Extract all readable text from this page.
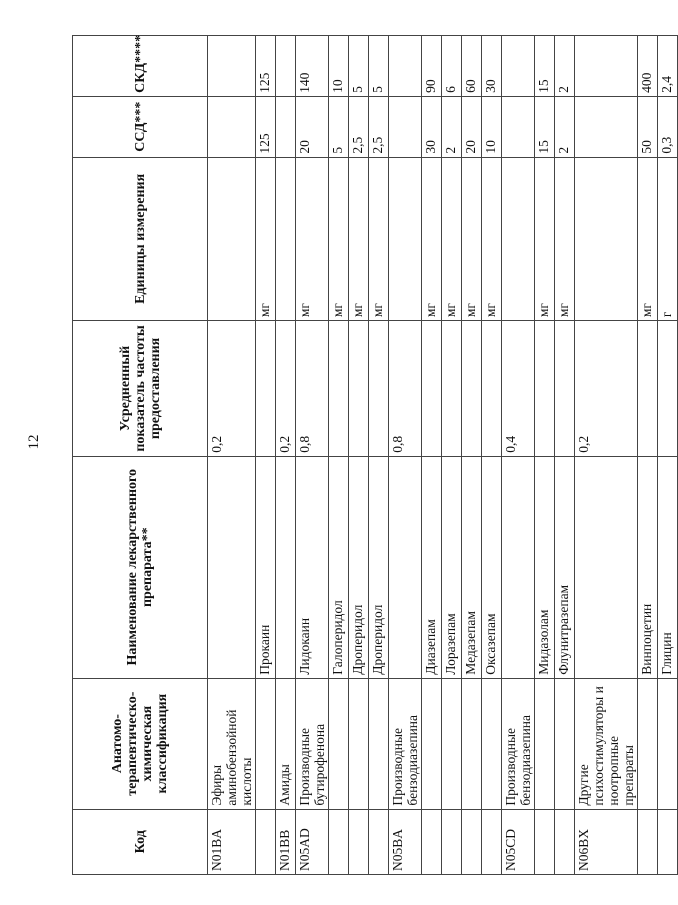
12
Код	Анатомо-терапевтическо-химическая классификация	Наименование лекарственного препарата**	Усредненный показатель частоты предоставления	Единицы измерения	ССД***	СКД****
N01BA	Эфиры аминобензойной кислоты		0,2			
		Прокаин		мг	125	125
N01BB	Амиды		0,2			
N05AD	Производные бутирофенона	Лидокаин	0,8	мг	20	140
		Галоперидол		мг	5	10
		Дроперидол		мг	2,5	5
		Дроперидол		мг	2,5	5
N05BA	Производные бензодиазепина		0,8			
		Диазепам		мг	30	90
		Лоразепам		мг	2	6
		Медазепам		мг	20	60
		Оксазепам		мг	10	30
N05CD	Производные бензодиазепина		0,4			
		Мидазолам		мг	15	15
		Флунитразепам		мг	2	2
N06BX	Другие психостимуляторы и ноотропные препараты		0,2			
		Винпоцетин		мг	50	400
		Глицин		г	0,3	2,4
